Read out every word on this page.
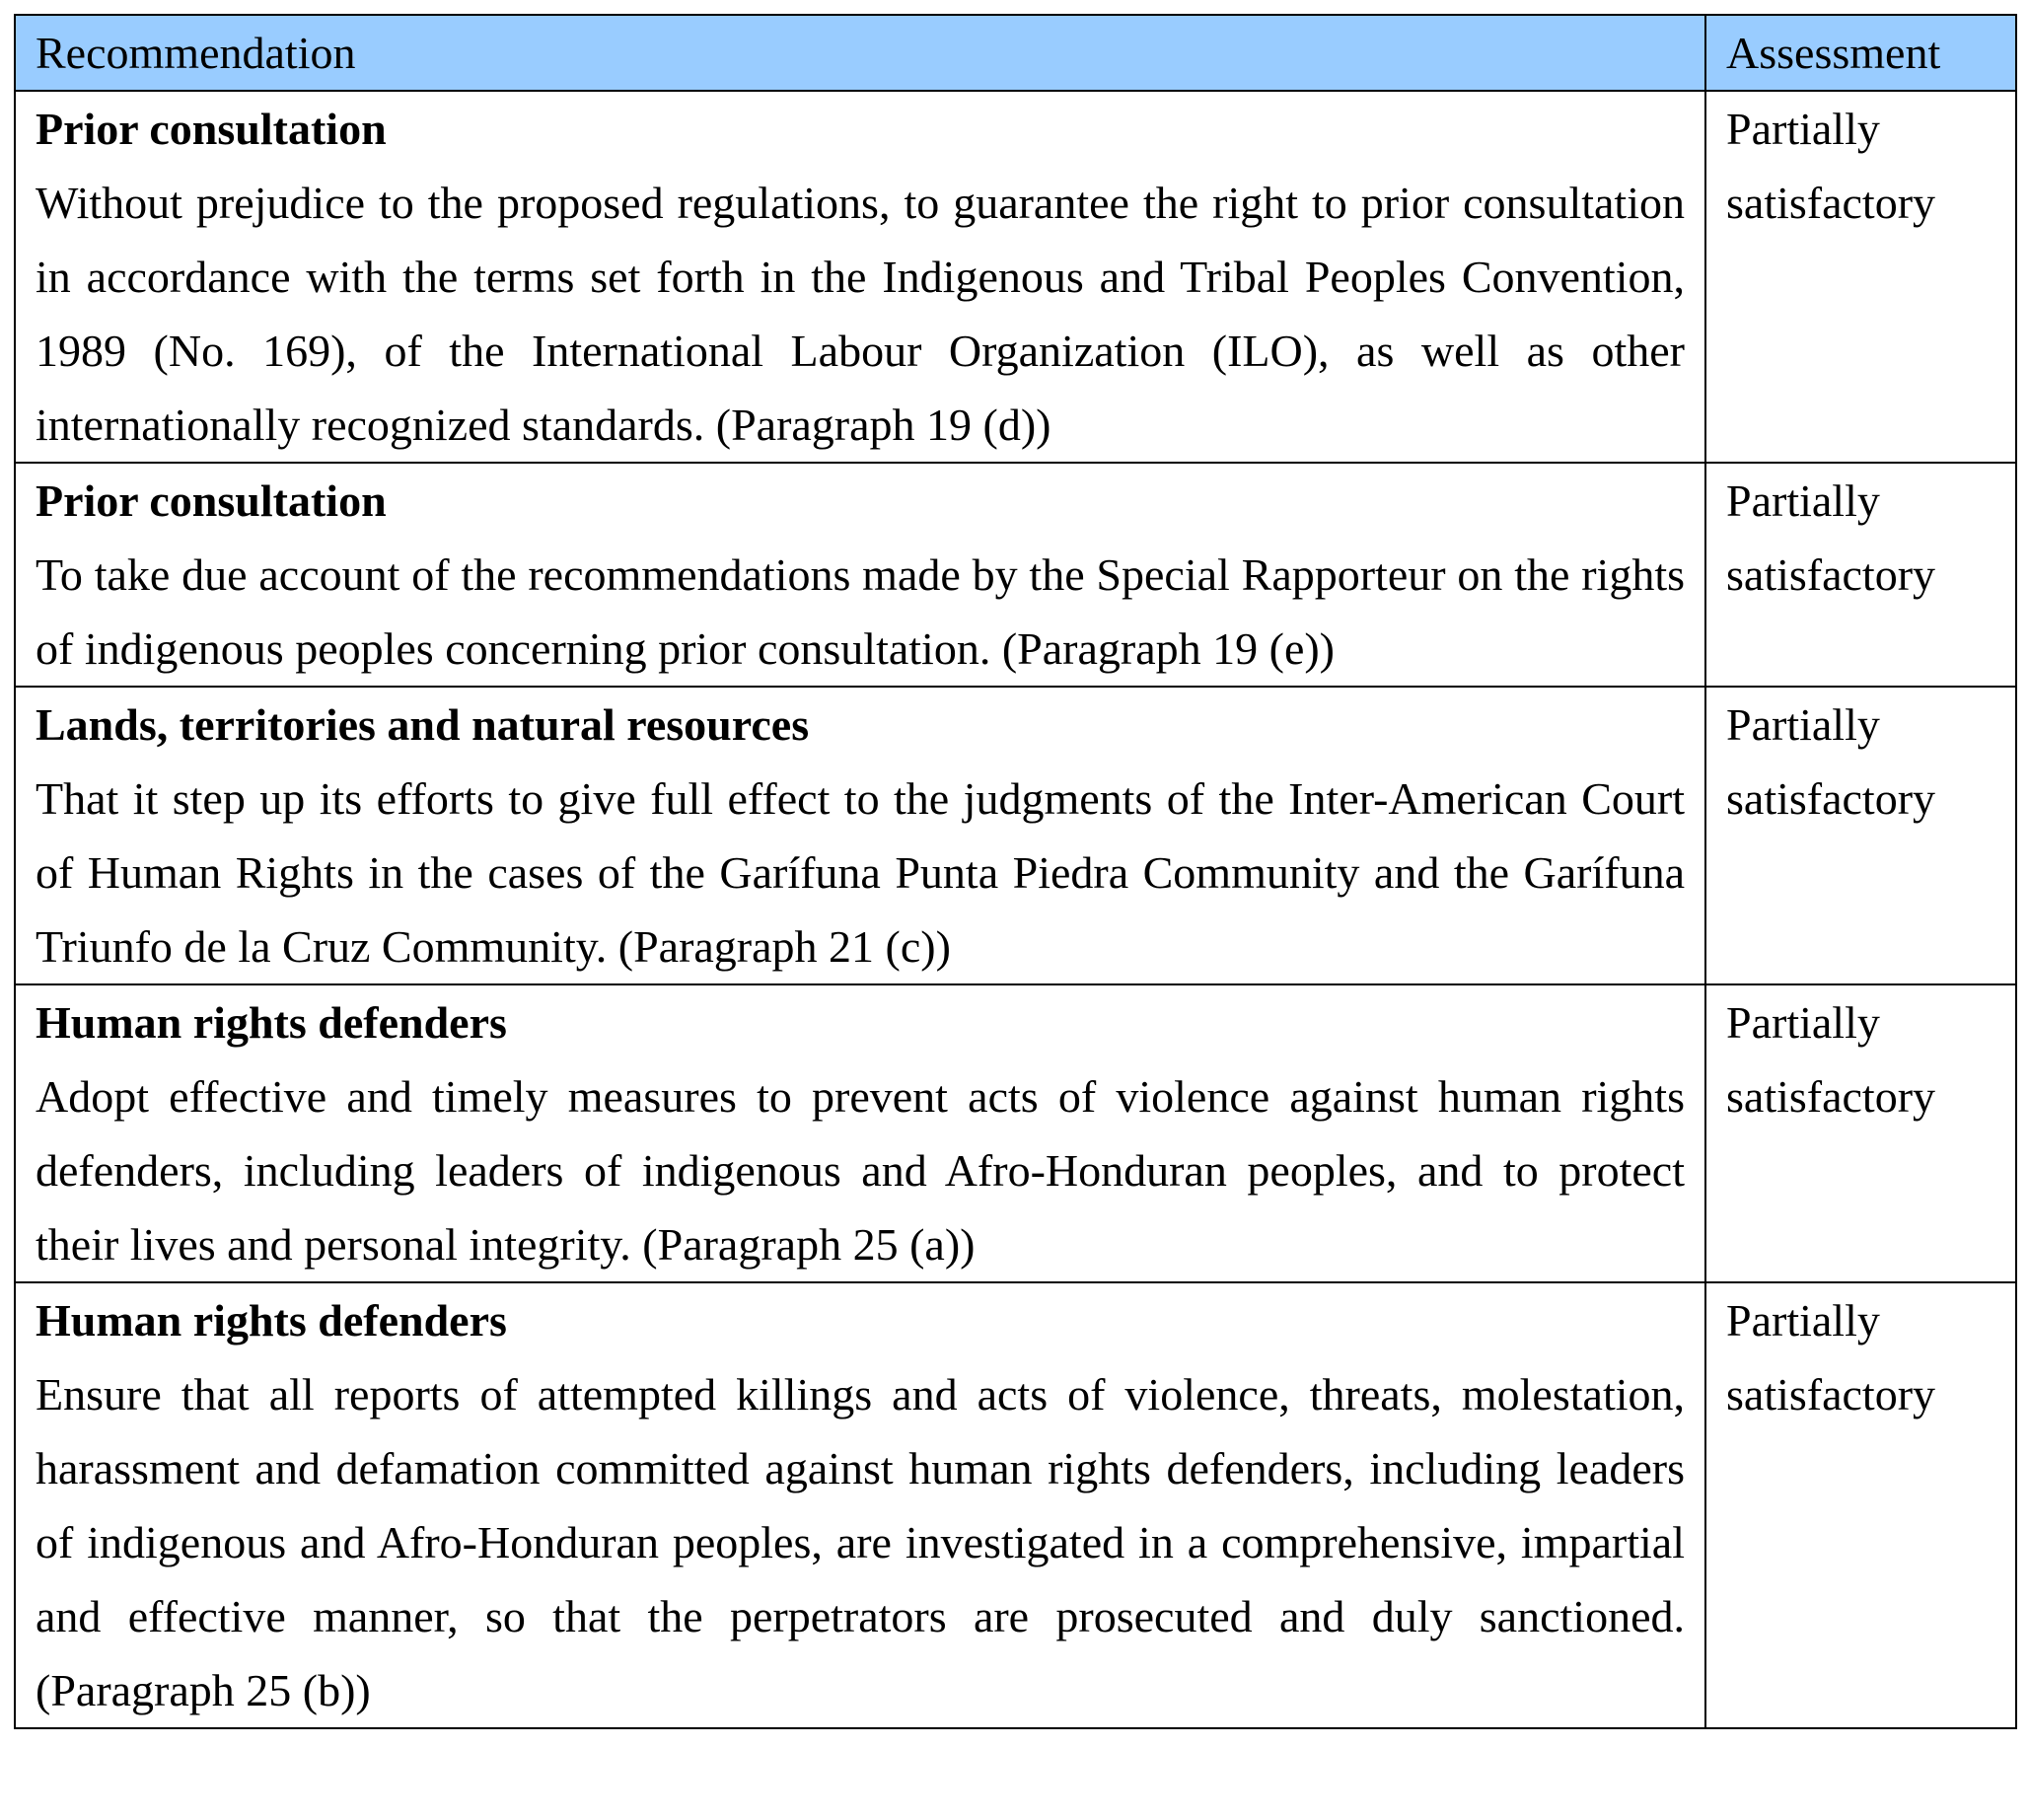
Recommendation	Assessment

Prior consultation
Without prejudice to the proposed regulations, to guarantee the right to prior consultation in accordance with the terms set forth in the Indigenous and Tribal Peoples Convention, 1989 (No. 169), of the International Labour Organization (ILO), as well as other internationally recognized standards. (Paragraph 19 (d))	Partially satisfactory

Prior consultation
To take due account of the recommendations made by the Special Rapporteur on the rights of indigenous peoples concerning prior consultation. (Paragraph 19 (e))	Partially satisfactory

Lands, territories and natural resources
That it step up its efforts to give full effect to the judgments of the Inter-American Court of Human Rights in the cases of the Garífuna Punta Piedra Community and the Garífuna Triunfo de la Cruz Community. (Paragraph 21 (c))	Partially satisfactory

Human rights defenders
Adopt effective and timely measures to prevent acts of violence against human rights defenders, including leaders of indigenous and Afro-Honduran peoples, and to protect their lives and personal integrity. (Paragraph 25 (a))	Partially satisfactory

Human rights defenders
Ensure that all reports of attempted killings and acts of violence, threats, molestation, harassment and defamation committed against human rights defenders, including leaders of indigenous and Afro-Honduran peoples, are investigated in a comprehensive, impartial and effective manner, so that the perpetrators are prosecuted and duly sanctioned. (Paragraph 25 (b))	Partially satisfactory
